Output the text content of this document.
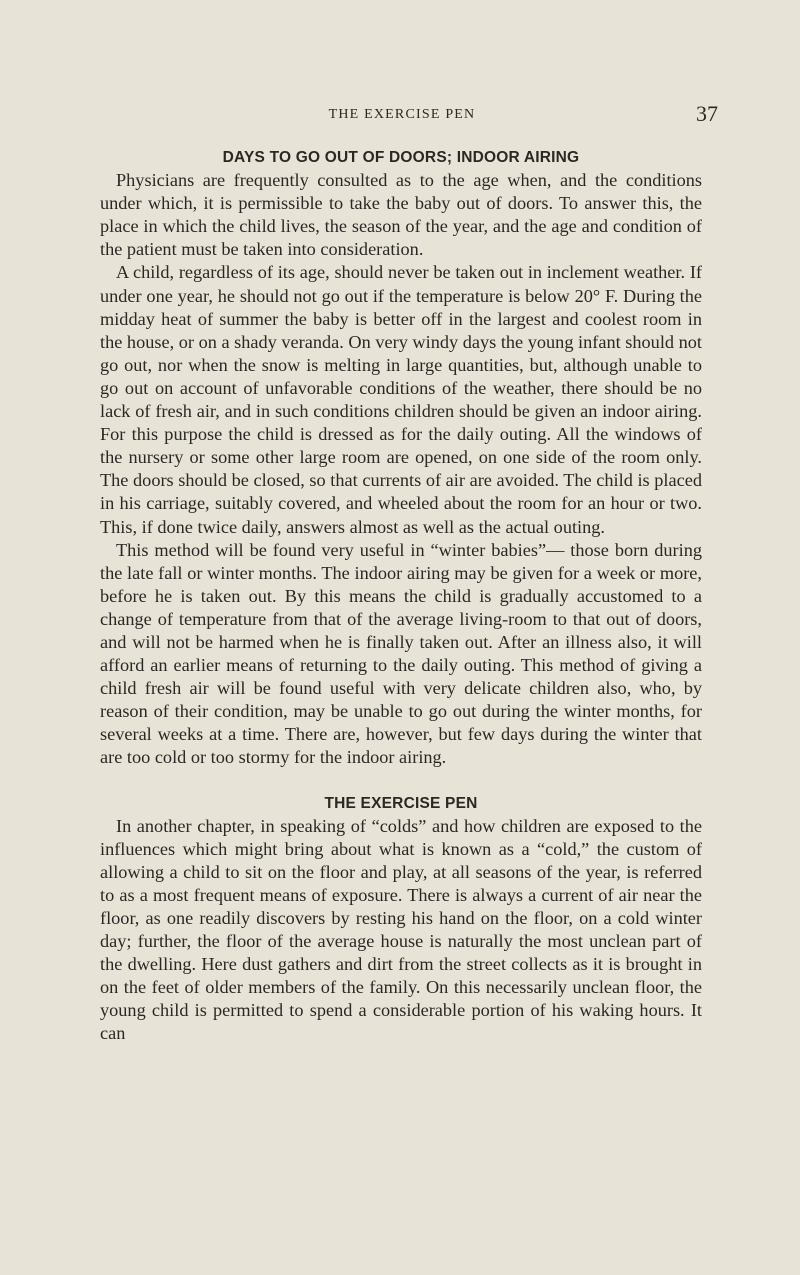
THE EXERCISE PEN	37
DAYS TO GO OUT OF DOORS; INDOOR AIRING

Physicians are frequently consulted as to the age when, and the conditions under which, it is permissible to take the baby out of doors. To answer this, the place in which the child lives, the season of the year, and the age and condition of the patient must be taken into consideration.

A child, regardless of its age, should never be taken out in inclement weather. If under one year, he should not go out if the temperature is below 20° F. During the midday heat of summer the baby is better off in the largest and coolest room in the house, or on a shady veranda. On very windy days the young infant should not go out, nor when the snow is melting in large quantities, but, although unable to go out on account of unfavorable conditions of the weather, there should be no lack of fresh air, and in such conditions children should be given an indoor airing. For this purpose the child is dressed as for the daily outing. All the windows of the nursery or some other large room are opened, on one side of the room only. The doors should be closed, so that currents of air are avoided. The child is placed in his carriage, suitably covered, and wheeled about the room for an hour or two. This, if done twice daily, answers almost as well as the actual outing.

This method will be found very useful in “winter babies”— those born during the late fall or winter months. The indoor airing may be given for a week or more, before he is taken out. By this means the child is gradually accustomed to a change of temperature from that of the average living-room to that out of doors, and will not be harmed when he is finally taken out. After an illness also, it will afford an earlier means of returning to the daily outing. This method of giving a child fresh air will be found useful with very delicate children also, who, by reason of their condition, may be unable to go out during the winter months, for several weeks at a time. There are, however, but few days during the winter that are too cold or too stormy for the indoor airing.

THE EXERCISE PEN

In another chapter, in speaking of “colds” and how children are exposed to the influences which might bring about what is known as a “cold,” the custom of allowing a child to sit on the floor and play, at all seasons of the year, is referred to as a most frequent means of exposure. There is always a current of air near the floor, as one readily discovers by resting his hand on the floor, on a cold winter day; further, the floor of the average house is naturally the most unclean part of the dwelling. Here dust gathers and dirt from the street collects as it is brought in on the feet of older members of the family. On this necessarily unclean floor, the young child is permitted to spend a considerable portion of his waking hours. It can
